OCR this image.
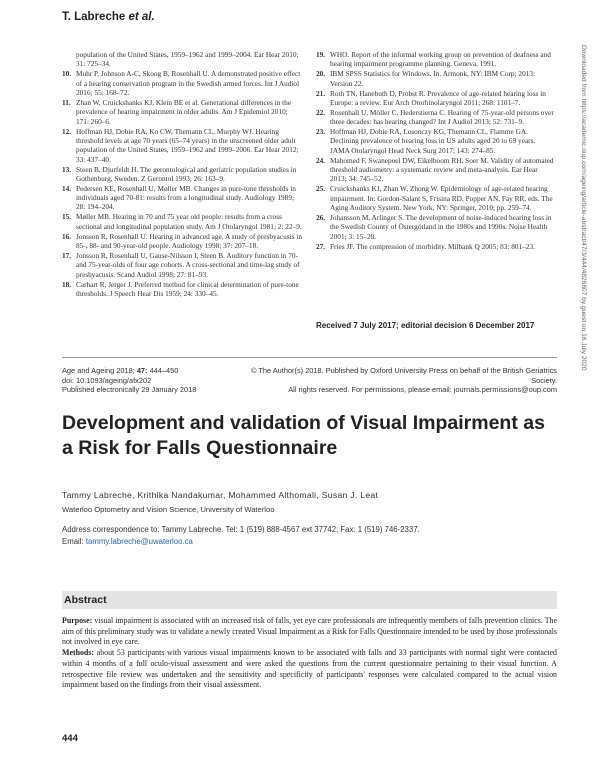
T. Labreche et al.
population of the United States, 1959–1962 and 1999–2004. Ear Hear 2010; 31: 725–34.
10. Muhr P, Johnson A-C, Skoog B, Rosenhall U. A demonstrated positive effect of a hearing conservation program in the Swedish armed forces. Int J Audiol 2016; 55: 168–72.
11. Zhan W, Cruickshanks KJ, Klein BE et al. Generational differences in the prevalence of hearing impairment in older adults. Am J Epidemiol 2010; 171: 260–6.
12. Hoffman HJ, Dobie RA, Ko CW, Themann CL, Murphy WJ. Hearing threshold levels at age 70 years (65–74 years) in the unscreened older adult population of the United States, 1959–1962 and 1999–2006. Ear Hear 2012; 33: 437–40.
13. Steen B, Djurfeldt H. The gerontological and geriatric population studies in Gothenburg, Sweden. Z Gerontol 1993; 26: 163–9.
14. Pedersen KE, Rosenhall U, Møller MB. Changes in pure-tone thresholds in individuals aged 70-81: results from a longitudinal study. Audiology 1989; 28: 194–204.
15. Møller MB. Hearing in 70 and 75 year old people: results from a cross sectional and longitudinal population study. Am J Otolaryngol 1981; 2: 22–9.
16. Jonsson R, Rosenhall U. Hearing in advanced age. A study of presbyacusis in 85-, 88- and 90-year-old people. Audiology 1998; 37: 207–18.
17. Jonsson R, Rosenhall U, Gause-Nilsson I, Steen B. Auditory function in 70- and 75-year-olds of four age cohorts. A cross-sectional and time-lag study of presbyacusis. Scand Audiol 1998; 27: 81–93.
18. Carhart R, Jerger J. Preferred method for clinical determination of pure-tone thresholds. J Speech Hear Dis 1959; 24: 330–45.
19. WHO. Report of the informal working group on prevention of deafness and hearing impairment programme planning. Geneva, 1991.
20. IBM SPSS Statistics for Windows. In. Armonk, NY: IBM Corp; 2013: Version 22.
21. Roth TN, Hanebuth D, Probst R. Prevalence of age-related hearing loss in Europe: a review. Eur Arch Otorhinolaryngol 2011; 268: 1101–7.
22. Rosenhall U, Möller C, Hederstierna C. Hearing of 75-year-old persons over three decades: has hearing changed? Int J Audiol 2013; 52: 731–9.
23. Hoffman HJ, Dobie RA, Losonczy KG, Themann CL, Flamme GA. Declining prevalence of hearing loss in US adults aged 20 to 69 years. JAMA Otolaryngol Head Neck Surg 2017; 143: 274–85.
24. Mahomed F, Swanepoel DW, Eikelboom RH, Soer M. Validity of automated threshold audiometry: a systematic review and meta-analysis. Ear Hear 2013; 34: 745–52.
25. Cruickshanks KJ, Zhan W, Zhong W. Epidemiology of age-related hearing impairment. In: Gordon-Salant S, Frisina RD, Popper AN, Fay RR, eds. The Aging Auditory System. New York, NY: Springer, 2010; pp. 259–74.
26. Johansson M, Arlinger S. The development of noise-induced hearing loss in the Swedish County of Östergötland in the 1980s and 1990s. Noise Health 2001; 3: 15–28.
27. Fries JF. The compression of morbidity. Milbank Q 2005; 83: 801–23.
Received 7 July 2017; editorial decision 6 December 2017	Downloaded from https://academic.oup.com/ageing/article-abstract/47/3/444/4826807 by guest on 16 July 2020
Age and Ageing 2018; 47: 444–450
doi: 10.1093/ageing/afx202
Published electronically 29 January 2018
© The Author(s) 2018. Published by Oxford University Press on behalf of the British Geriatrics Society.
All rights reserved. For permissions, please email: journals.permissions@oup.com
Development and validation of Visual Impairment as a Risk for Falls Questionnaire
Tammy Labreche, Krithika Nandakumar, Mohammed Althomali, Susan J. Leat
Waterloo Optometry and Vision Science, University of Waterloo
Address correspondence to: Tammy Labreche. Tel: 1 (519) 888-4567 ext 37742; Fax: 1 (519) 746-2337.
Email: tammy.labreche@uwaterloo.ca
Abstract

Purpose: visual impairment is associated with an increased risk of falls, yet eye care professionals are infrequently members of falls prevention clinics. The aim of this preliminary study was to validate a newly created Visual Impairment as a Risk for Falls Questionnaire intended to be used by those professionals not involved in eye care.

Methods: about 53 participants with various visual impairments known to be associated with falls and 33 participants with normal sight were contacted within 4 months of a full oculo-visual assessment and were asked the questions from the current questionnaire pertaining to their visual function. A retrospective file review was undertaken and the sensitivity and specificity of participants' responses were calculated compared to the actual vision impairment based on the findings from their visual assessment.

444
